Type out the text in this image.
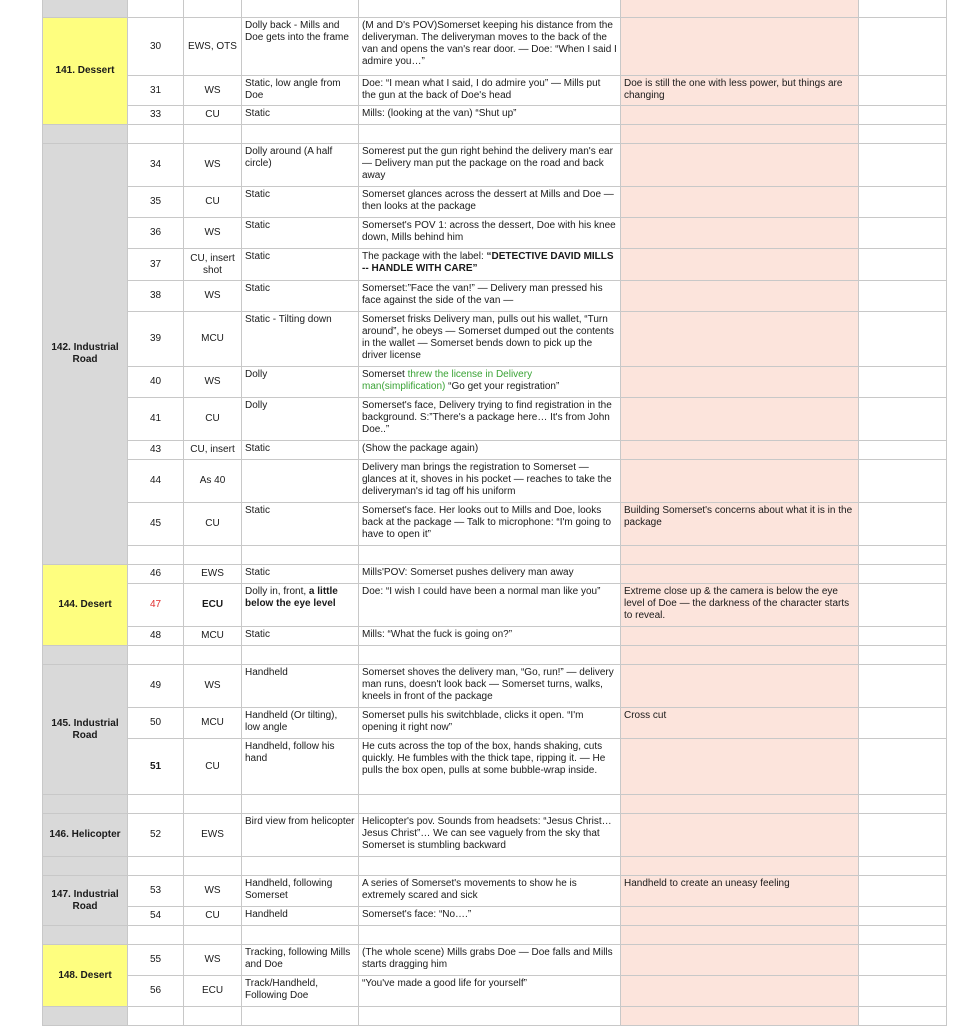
141. Dessert	30	EWS, OTS	Dolly back - Mills and Doe gets into the frame	(M and D's POV)Somerset keeping his distance from the deliveryman. The deliveryman moves to the back of the van and opens the van's rear door. — Doe: “When I said I admire you…”		
	31	WS	Static, low angle from Doe	Doe: “I mean what I said, I do admire you” — Mills put the gun at the back of Doe's head	Doe is still the one with less power, but things are changing	
	33	CU	Static	Mills: (looking at the van) “Shut up”		

142. Industrial Road	34	WS	Dolly around (A half circle)	Somerest put the gun right behind the delivery man's ear — Delivery man put the package on the road and back away		
	35	CU	Static	Somerset glances across the dessert at Mills and Doe — then looks at the package		
	36	WS	Static	Somerset's POV 1: across the dessert, Doe with his knee down, Mills behind him		
	37	CU, insert shot	Static	The package with the label: “DETECTIVE DAVID MILLS -- HANDLE WITH CARE”		
	38	WS	Static	Somerset:”Face the van!” — Delivery man pressed his face against the side of the van —		
	39	MCU	Static - Tilting down	Somerset frisks Delivery man, pulls out his wallet, “Turn around”, he obeys — Somerset dumped out the contents in the wallet — Somerset bends down to pick up the driver license		
	40	WS	Dolly	Somerset threw the license in Delivery man(simplification) “Go get your registration”		
	41	CU	Dolly	Somerset's face, Delivery trying to find registration in the background. S:”There's a package here… It's from John Doe..”		
	43	CU, insert	Static	(Show the package again)		
	44	As 40		Delivery man brings the registration to Somerset — glances at it, shoves in his pocket — reaches to take the deliveryman's id tag off his uniform		
	45	CU	Static	Somerset's face. Her looks out to Mills and Doe, looks back at the package — Talk to microphone: “I'm going to have to open it”	Building Somerset's concerns about what it is in the package	

144. Desert	46	EWS	Static	Mills'POV: Somerset pushes delivery man away		
	47	ECU	Dolly in, front, a little below the eye level	Doe: “I wish I could have been a normal man like you”	Extreme close up & the camera is below the eye level of Doe — the darkness of the character starts to reveal.	
	48	MCU	Static	Mills: “What the fuck is going on?”		

145. Industrial Road	49	WS	Handheld	Somerset shoves the delivery man, “Go, run!” — delivery man runs, doesn't look back — Somerset turns, walks, kneels in front of the package		
	50	MCU	Handheld (Or tilting), low angle	Somerset pulls his switchblade, clicks it open. “I'm opening it right now”	Cross cut	
	51	CU	Handheld, follow his hand	He cuts across the top of the box, hands shaking, cuts quickly. He fumbles with the thick tape, ripping it. — He pulls the box open, pulls at some bubble-wrap inside.		

146. Helicopter	52	EWS	Bird view from helicopter	Helicopter's pov. Sounds from headsets: “Jesus Christ… Jesus Christ”… We can see vaguely from the sky that Somerset is stumbling backward		

147. Industrial Road	53	WS	Handheld, following Somerset	A series of Somerset's movements to show he is extremely scared and sick	Handheld to create an uneasy feeling	
	54	CU	Handheld	Somerset's face: “No….”		

148. Desert	55	WS	Tracking, following Mills and Doe	(The whole scene) Mills grabs Doe — Doe falls and Mills starts dragging him		
	56	ECU	Track/Handheld, Following Doe	“You've made a good life for yourself”		
